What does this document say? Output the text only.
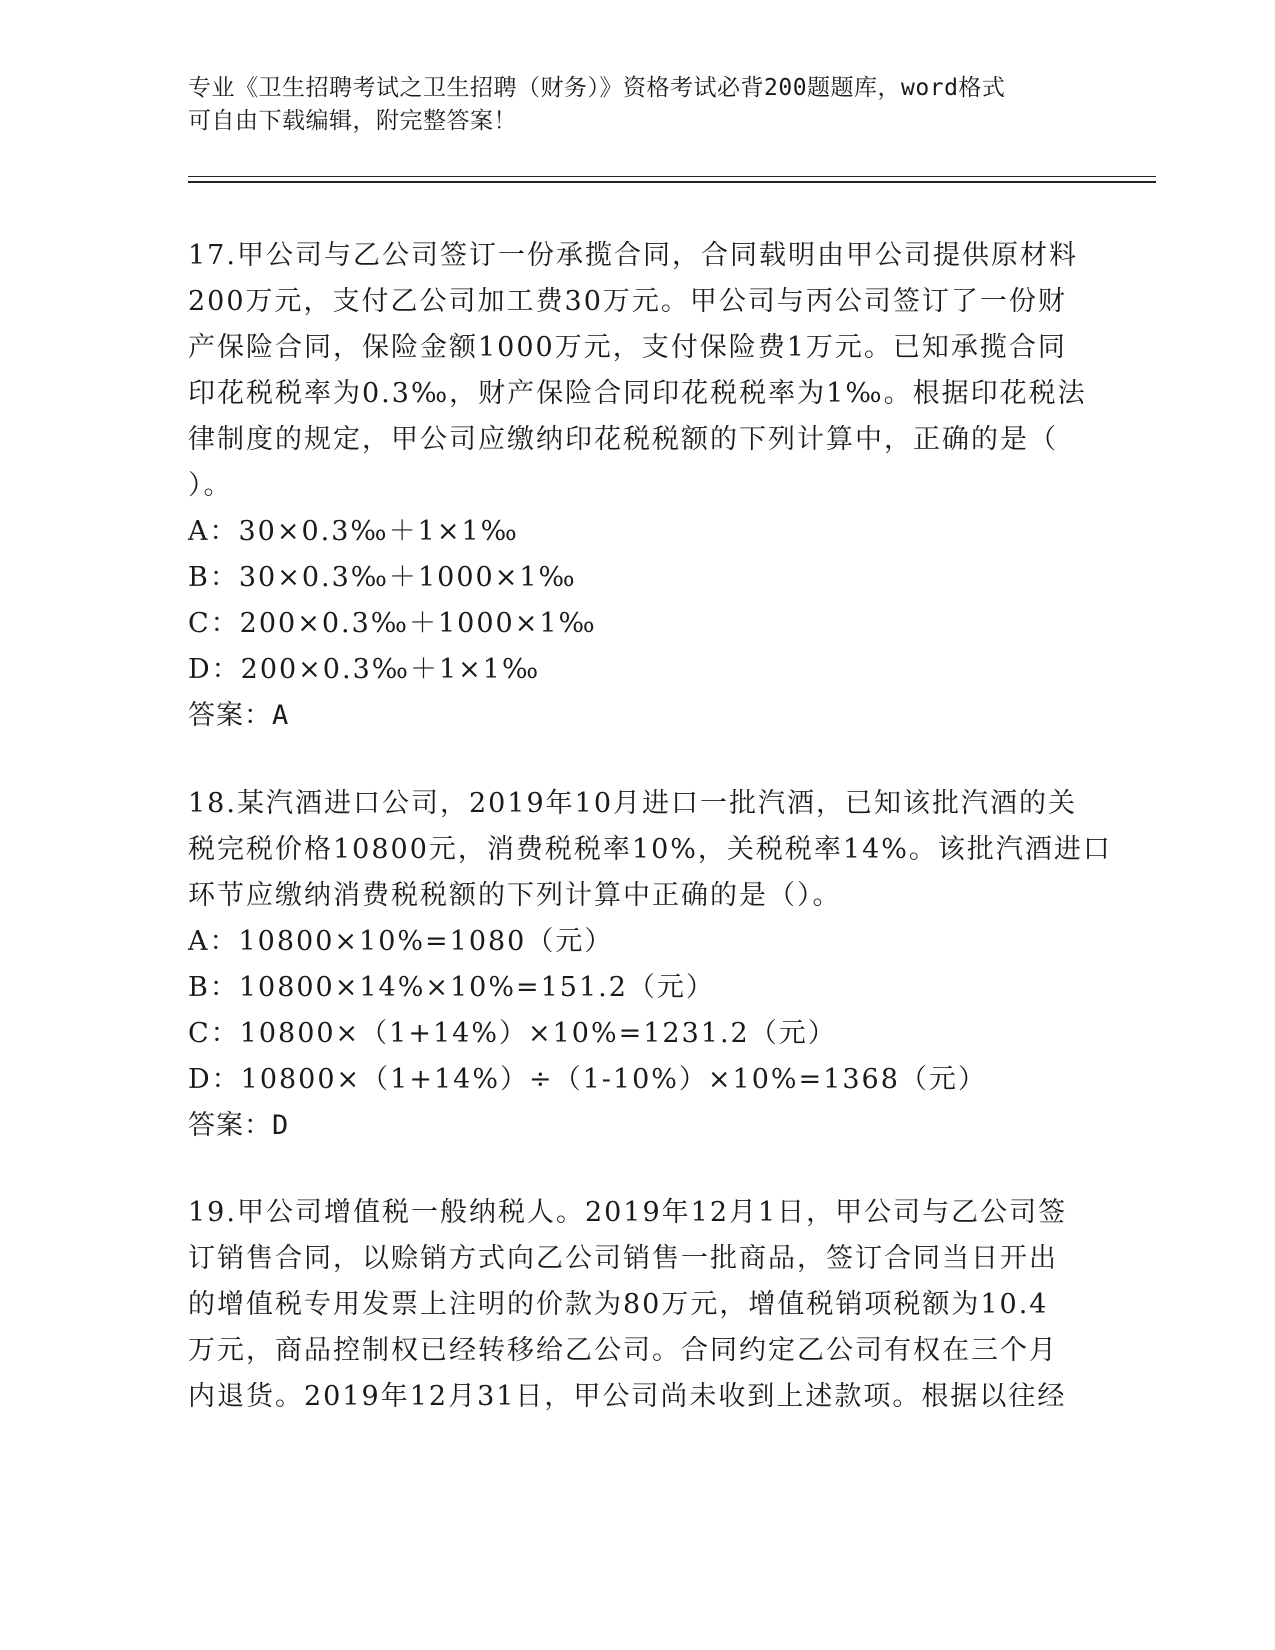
专业《卫生招聘考试之卫生招聘（财务）》资格考试必背200题题库，word格式
可自由下载编辑，附完整答案！
17.甲公司与乙公司签订一份承揽合同，合同载明由甲公司提供原材料
200万元，支付乙公司加工费30万元。甲公司与丙公司签订了一份财
产保险合同，保险金额1000万元，支付保险费1万元。已知承揽合同
印花税税率为0.3‰，财产保险合同印花税税率为1‰。根据印花税法
律制度的规定，甲公司应缴纳印花税税额的下列计算中，正确的是（
）。
A：30×0.3‰＋1×1‰
B：30×0.3‰＋1000×1‰
C：200×0.3‰＋1000×1‰
D：200×0.3‰＋1×1‰
答案：A
18.某汽酒进口公司，2019年10月进口一批汽酒，已知该批汽酒的关
税完税价格10800元，消费税税率10%，关税税率14%。该批汽酒进口
环节应缴纳消费税税额的下列计算中正确的是（）。
A：10800×10%=1080（元）
B：10800×14%×10%=151.2（元）
C：10800×（1+14%）×10%=1231.2（元）
D：10800×（1+14%）÷（1-10%）×10%=1368（元）
答案：D
19.甲公司增值税一般纳税人。2019年12月1日，甲公司与乙公司签
订销售合同，以赊销方式向乙公司销售一批商品，签订合同当日开出
的增值税专用发票上注明的价款为80万元，增值税销项税额为10.4
万元，商品控制权已经转移给乙公司。合同约定乙公司有权在三个月
内退货。2019年12月31日，甲公司尚未收到上述款项。根据以往经
